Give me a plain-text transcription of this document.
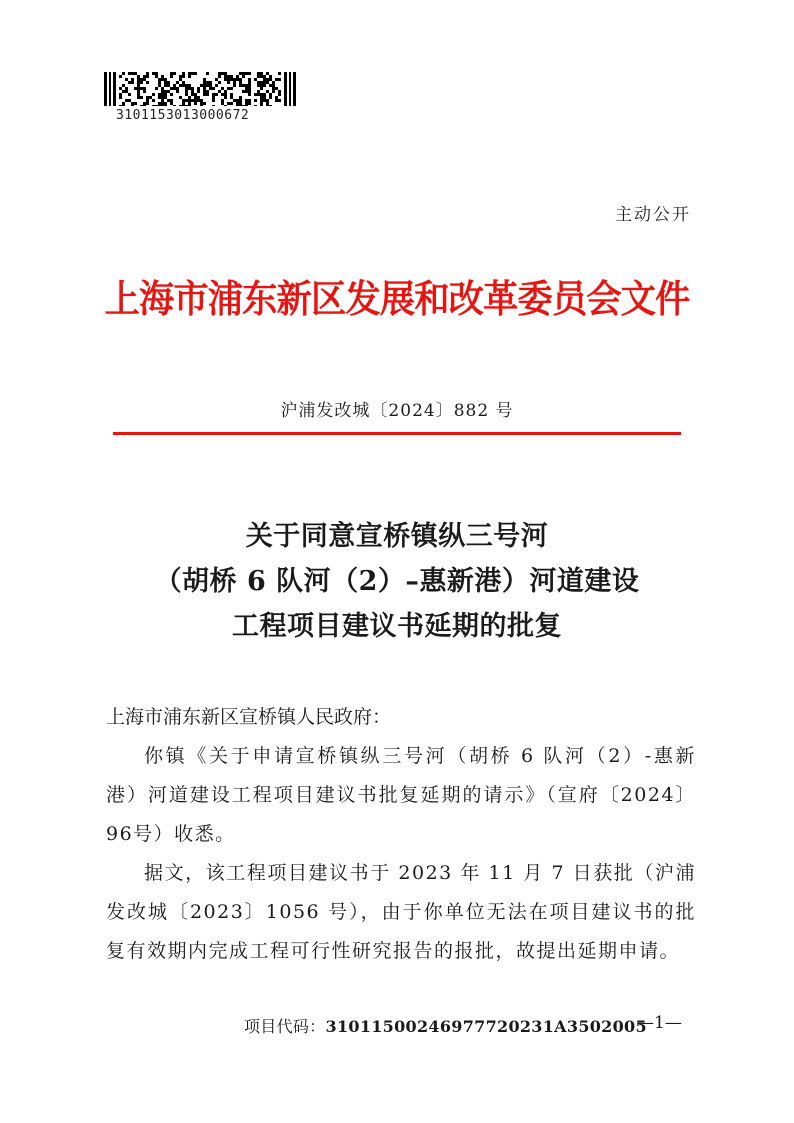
3101153013000672
主动公开
上海市浦东新区发展和改革委员会文件
沪浦发改城〔2024〕882 号
关于同意宣桥镇纵三号河
（胡桥 6 队河（2）–惠新港）河道建设
工程项目建议书延期的批复

上海市浦东新区宣桥镇人民政府：

你镇《关于申请宣桥镇纵三号河（胡桥 6 队河（2）-惠新港）河道建设工程项目建议书批复延期的请示》（宣府〔2024〕96号）收悉。

据文，该工程项目建议书于 2023 年 11 月 7 日获批（沪浦发改城〔2023〕1056 号），由于你单位无法在项目建议书的批复有效期内完成工程可行性研究报告的报批，故提出延期申请。

项目代码：31011500246977720231A3502005
—1—
